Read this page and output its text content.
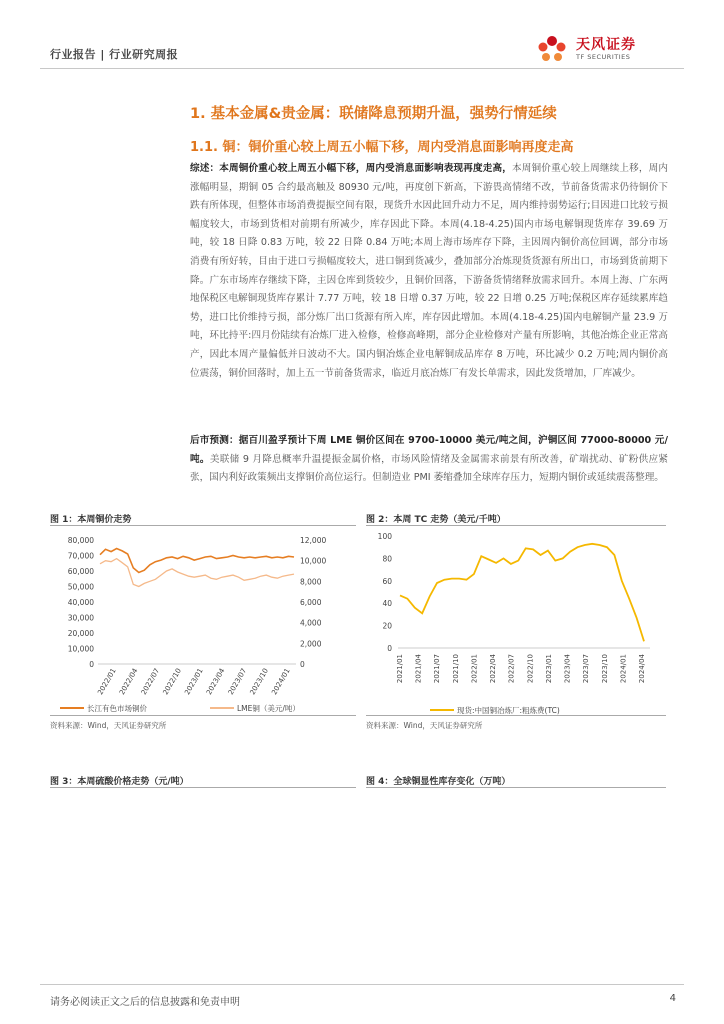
行业报告 | 行业研究周报
天风证券
TF SECURITIES
1. 基本金属&贵金属：联储降息预期升温，强势行情延续
1.1. 铜：铜价重心较上周五小幅下移，周内受消息面影响再度走高
综述：本周铜价重心较上周五小幅下移，周内受消息面影响表现再度走高，本周铜价重心较上周继续上移，周内涨幅明显，期铜 05 合约最高触及 80930 元/吨，再度创下新高，下游畏高情绪不改，节前备货需求仍待铜价下跌有所体现，但整体市场消费提振空间有限，现货升水因此回升动力不足，周内维持弱势运行;目因进口比较亏损幅度较大，市场到货相对前期有所减少，库存因此下降。本周(4.18-4.25)国内市场电解铜现货库存 39.69 万吨，较 18 日降 0.83 万吨，较 22 日降 0.84 万吨;本周上海市场库存下降，主因周内铜价高位回调，部分市场消费有所好转，目由于进口亏损幅度较大，进口铜到货减少，叠加部分冶炼现货货源有所出口，市场到货前期下降。广东市场库存继续下降，主因仓库到货较少，且铜价回落，下游备货情绪释放需求回升。本周上海、广东两地保税区电解铜现货库存累计 7.77 万吨，较 18 日增 0.37 万吨，较 22 日增 0.25 万吨;保税区库存延续累库趋势，进口比价维持亏损，部分炼厂出口货源有所入库，库存因此增加。本周(4.18-4.25)国内电解铜产量 23.9 万吨，环比持平:四月份陆续有冶炼厂进入检修，检修高峰期，部分企业检修对产量有所影响，其他冶炼企业正常高产，因此本周产量偏低并日波动不大。国内铜冶炼企业电解铜成品库存 8 万吨，环比减少 0.2 万吨;周内铜价高位震荡，铜价回落时，加上五一节前备货需求，临近月底冶炼厂有发长单需求，因此发货增加，厂库减少。
后市预测：据百川盈孚预计下周 LME 铜价区间在 9700-10000 美元/吨之间，沪铜区间 77000-80000 元/吨。美联储 9 月降息概率升温提振金属价格，市场风险情绪及金属需求前景有所改善，矿端扰动、矿粉供应紧张，国内利好政策频出支撑铜价高位运行。但制造业 PMI 萎缩叠加全球库存压力，短期内铜价或延续震荡整理。
图 1：本周铜价走势
80,000
70,000
60,000
50,000
40,000
30,000
20,000
10,000
0
12,000
10,000
8,000
6,000
4,000
2,000
0
2022/01 2022/04 2022/07 2022/10 2023/01 2023/04 2023/07 2023/10 2024/01
长江有色市场铜价	LME铜（美元/吨）
资料来源：Wind，天风证券研究所
图 2：本周 TC 走势（美元/千吨）
100
80
60
40
20
0
2021/01 2021/04 2021/07 2021/10 2022/01 2022/04 2022/07 2022/10 2023/01 2023/04 2023/07 2023/10 2024/01 2024/04
现货:中国铜冶炼厂:粗炼费(TC)
资料来源：Wind，天风证券研究所
图 3：本周硫酸价格走势（元/吨）	图 4：全球铜显性库存变化（万吨）
请务必阅读正文之后的信息披露和免责申明	4
